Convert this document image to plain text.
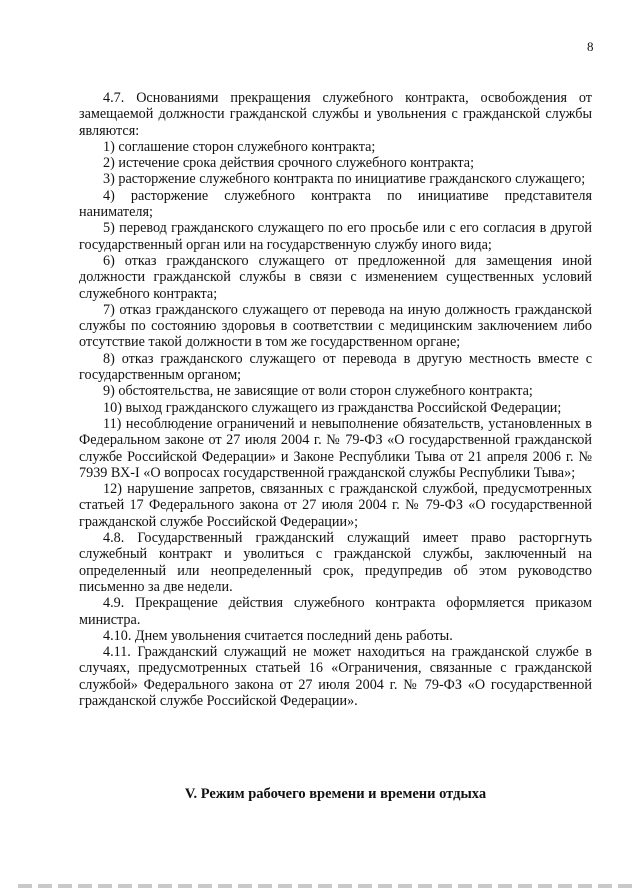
8

4.7. Основаниями прекращения служебного контракта, освобождения от замещаемой должности гражданской службы и увольнения с гражданской службы являются:

1) соглашение сторон служебного контракта;

2) истечение срока действия срочного служебного контракта;

3) расторжение служебного контракта по инициативе гражданского служащего;

4) расторжение служебного контракта по инициативе представителя нанимателя;

5) перевод гражданского служащего по его просьбе или с его согласия в другой государственный орган или на государственную службу иного вида;

6) отказ гражданского служащего от предложенной для замещения иной должности гражданской службы в связи с изменением существенных условий служебного контракта;

7) отказ гражданского служащего от перевода на иную должность гражданской службы по состоянию здоровья в соответствии с медицинским заключением либо отсутствие такой должности в том же государственном органе;

8) отказ гражданского служащего от перевода в другую местность вместе с государственным органом;

9) обстоятельства, не зависящие от воли сторон служебного контракта;

10) выход гражданского служащего из гражданства Российской Федерации;

11) несоблюдение ограничений и невыполнение обязательств, установленных в Федеральном законе от 27 июля 2004 г. № 79-ФЗ «О государственной гражданской службе Российской Федерации» и Законе Республики Тыва от 21 апреля 2006 г. № 7939 ВХ-I «О вопросах государственной гражданской службы Республики Тыва»;

12) нарушение запретов, связанных с гражданской службой, предусмотренных статьей 17 Федерального закона от 27 июля 2004 г. № 79-ФЗ «О государственной гражданской службе Российской Федерации»;

4.8. Государственный гражданский служащий имеет право расторгнуть служебный контракт и уволиться с гражданской службы, заключенный на определенный или неопределенный срок, предупредив об этом руководство письменно за две недели.

4.9. Прекращение действия служебного контракта оформляется приказом министра.

4.10. Днем увольнения считается последний день работы.

4.11. Гражданский служащий не может находиться на гражданской службе в случаях, предусмотренных статьей 16 «Ограничения, связанные с гражданской службой» Федерального закона от 27 июля 2004 г. № 79-ФЗ «О государственной гражданской службе Российской Федерации».

V. Режим рабочего времени и времени отдыха
